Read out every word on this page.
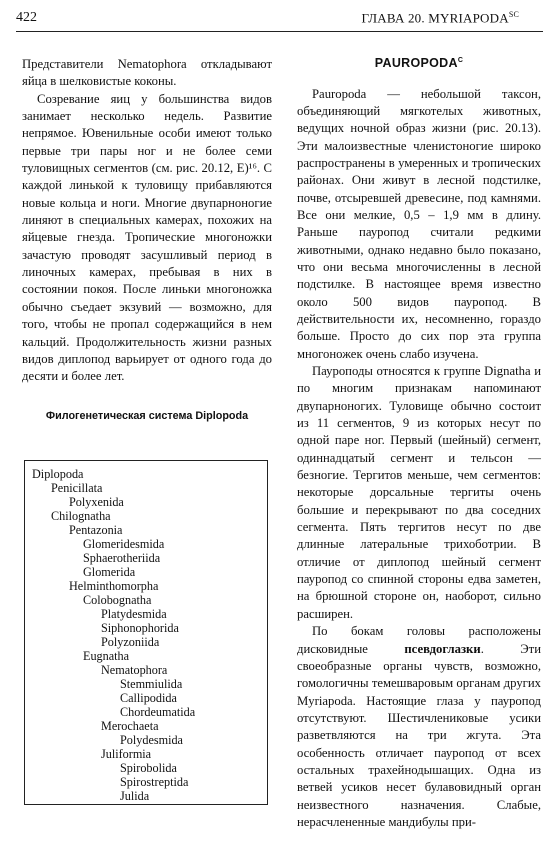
422	ГЛАВА 20. $MYRIAPODA^{SC}$

Представители Nematophora откладывают яйца в шелковистые коконы.

Созревание яиц у большинства видов занимает несколько недель. Развитие непрямое. Ювенильные особи имеют только первые три пары ног и не более семи туловищных сегментов (см. рис. 20.12, E)¹⁶. С каждой линькой к туловищу прибавляются новые кольца и ноги. Многие двупарноногие линяют в специальных камерах, похожих на яйцевые гнезда. Тропические многоножки зачастую проводят засушливый период в линочных камерах, пребывая в них в состоянии покоя. После линьки многоножка обычно съедает экзувий — возможно, для того, чтобы не пропал содержащийся в нем кальций. Продолжительность жизни разных видов диплопод варьирует от одного года до десяти и более лет.

Филогенетическая система Diplopoda

Diplopoda
Penicillata
Polyxenida
Chilognatha
Pentazonia
Glomeridesmida
Sphaerotheriida
Glomerida
Helminthomorpha
Colobognatha
Platydesmida
Siphonophorida
Polyzoniida
Eugnatha
Nematophora
Stemmiulida
Callipodida
Chordeumatida
Merochaeta
Polydesmida
Juliformia
Spirobolida
Spirostreptida
Julida

$PAUROPODA^C$

Pauropoda — небольшой таксон, объединяющий мягкотелых животных, ведущих ночной образ жизни (рис. 20.13). Эти малоизвестные членистоногие широко распространены в умеренных и тропических районах. Они живут в лесной подстилке, почве, отсыревшей древесине, под камнями. Все они мелкие, 0,5 – 1,9 мм в длину. Раньше пауропод считали редкими животными, однако недавно было показано, что они весьма многочисленны в лесной подстилке. В настоящее время известно около 500 видов пауропод. В действительности их, несомненно, гораздо больше. Просто до сих пор эта группа многоножек очень слабо изучена.

Пауроподы относятся к группе Dignatha и по многим признакам напоминают двупарноногих. Туловище обычно состоит из 11 сегментов, 9 из которых несут по одной паре ног. Первый (шейный) сегмент, одиннадцатый сегмент и тельсон — безногие. Тергитов меньше, чем сегментов: некоторые дорсальные тергиты очень большие и перекрывают по два соседних сегмента. Пять тергитов несут по две длинные латеральные трихоботрии. В отличие от диплопод шейный сегмент пауропод со спинной стороны едва заметен, на брюшной стороне он, наоборот, сильно расширен.

По бокам головы расположены дисковидные псевдоглазки. Эти своеобразные органы чувств, возможно, гомологичны темешваровым органам других Myriapoda. Настоящие глаза у пауропод отсутствуют. Шестичлениковые усики разветвляются на три жгута. Эта особенность отличает пауропод от всех остальных трахейнодышащих. Одна из ветвей усиков несет булавовидный орган неизвестного назначения. Слабые, нерасчлененные мандибулы при-
